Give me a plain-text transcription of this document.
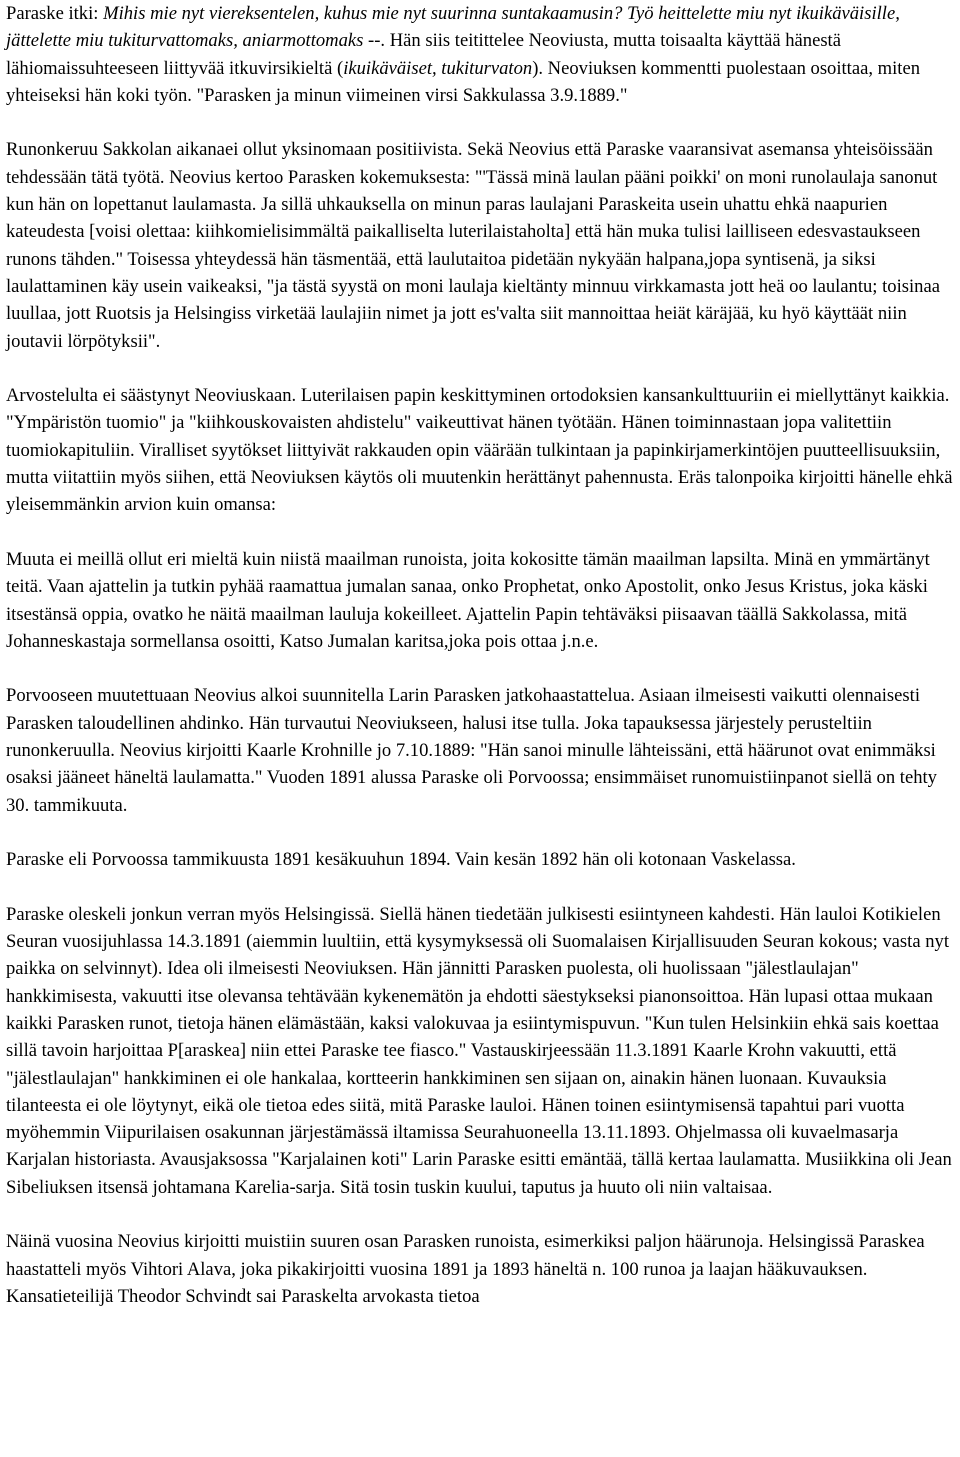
Paraske itki: Mihis mie nyt viereksentelen, kuhus mie nyt suurinna suntakaamusin? Työ heittelette miu nyt ikuikäväisille, jättelette miu tukiturvattomaks, aniarmottomaks --. Hän siis teitittelee Neoviusta, mutta toisaalta käyttää hänestä lähiomaissuhteeseen liittyvää itkuvirsikieltä (ikuikäväiset, tukiturvaton). Neoviuksen kommentti puolestaan osoittaa, miten yhteiseksi hän koki työn. "Parasken ja minun viimeinen virsi Sakkulassa 3.9.1889."

Runonkeruu Sakkolan aikanaei ollut yksinomaan positiivista. Sekä Neovius että Paraske vaaransivat asemansa yhteisöissään tehdessään tätä työtä. Neovius kertoo Parasken kokemuksesta: "'Tässä minä laulan pääni poikki' on moni runolaulaja sanonut kun hän on lopettanut laulamasta. Ja sillä uhkauksella on minun paras laulajani Paraskeita usein uhattu ehkä naapurien kateudesta [voisi olettaa: kiihkomielisimmältä paikalliselta luterilaistaholta] että hän muka tulisi lailliseen edesvastaukseen runons tähden." Toisessa yhteydessä hän täsmentää, että laulutaitoa pidetään nykyään halpana,jopa syntisenä, ja siksi laulattaminen käy usein vaikeaksi, "ja tästä syystä on moni laulaja kieltänty minnuu virkkamasta jott heä oo laulantu; toisinaa luullaa, jott Ruotsis ja Helsingiss virketää laulajiin nimet ja jott es'valta siit mannoittaa heiät käräjää, ku hyö käyttäät niin joutavii lörpötyksii".

Arvostelulta ei säästynyt Neoviuskaan. Luterilaisen papin keskittyminen ortodoksien kansankulttuuriin ei miellyttänyt kaikkia. "Ympäristön tuomio" ja "kiihkouskovaisten ahdistelu" vaikeuttivat hänen työtään. Hänen toiminnastaan jopa valitettiin tuomiokapituliin. Viralliset syytökset liittyivät rakkauden opin väärään tulkintaan ja papinkirjamerkintöjen puutteellisuuksiin, mutta viitattiin myös siihen, että Neoviuksen käytös oli muutenkin herättänyt pahennusta. Eräs talonpoika kirjoitti hänelle ehkä yleisemmänkin arvion kuin omansa:

Muuta ei meillä ollut eri mieltä kuin niistä maailman runoista, joita kokositte tämän maailman lapsilta. Minä en ymmärtänyt teitä. Vaan ajattelin ja tutkin pyhää raamattua jumalan sanaa, onko Prophetat, onko Apostolit, onko Jesus Kristus, joka käski itsestänsä oppia, ovatko he näitä maailman lauluja kokeilleet. Ajattelin Papin tehtäväksi piisaavan täällä Sakkolassa, mitä Johanneskastaja sormellansa osoitti, Katso Jumalan karitsa,joka pois ottaa j.n.e.

Porvooseen muutettuaan Neovius alkoi suunnitella Larin Parasken jatkohaastattelua. Asiaan ilmeisesti vaikutti olennaisesti Parasken taloudellinen ahdinko. Hän turvautui Neoviukseen, halusi itse tulla. Joka tapauksessa järjestely perusteltiin runonkeruulla. Neovius kirjoitti Kaarle Krohnille jo 7.10.1889: "Hän sanoi minulle lähteissäni, että häärunot ovat enimmäksi osaksi jääneet häneltä laulamatta." Vuoden 1891 alussa Paraske oli Porvoossa; ensimmäiset runomuistiinpanot siellä on tehty 30. tammikuuta.

Paraske eli Porvoossa tammikuusta 1891 kesäkuuhun 1894. Vain kesän 1892 hän oli kotonaan Vaskelassa.

Paraske oleskeli jonkun verran myös Helsingissä. Siellä hänen tiedetään julkisesti esiintyneen kahdesti. Hän lauloi Kotikielen Seuran vuosijuhlassa 14.3.1891 (aiemmin luultiin, että kysymyksessä oli Suomalaisen Kirjallisuuden Seuran kokous; vasta nyt paikka on selvinnyt). Idea oli ilmeisesti Neoviuksen. Hän jännitti Parasken puolesta, oli huolissaan "jälestlaulajan" hankkimisesta, vakuutti itse olevansa tehtävään kykenemätön ja ehdotti säestykseksi pianonsoittoa. Hän lupasi ottaa mukaan kaikki Parasken runot, tietoja hänen elämästään, kaksi valokuvaa ja esiintymispuvun. "Kun tulen Helsinkiin ehkä sais koettaa sillä tavoin harjoittaa P[araskea] niin ettei Paraske tee fiasco." Vastauskirjeessään 11.3.1891 Kaarle Krohn vakuutti, että "jälestlaulajan" hankkiminen ei ole hankalaa, kortteerin hankkiminen sen sijaan on, ainakin hänen luonaan. Kuvauksia tilanteesta ei ole löytynyt, eikä ole tietoa edes siitä, mitä Paraske lauloi. Hänen toinen esiintymisensä tapahtui pari vuotta myöhemmin Viipurilaisen osakunnan järjestämässä iltamissa Seurahuoneella 13.11.1893. Ohjelmassa oli kuvaelmasarja Karjalan historiasta. Avausjaksossa "Karjalainen koti" Larin Paraske esitti emäntää, tällä kertaa laulamatta. Musiikkina oli Jean Sibeliuksen itsensä johtamana Karelia-sarja. Sitä tosin tuskin kuului, taputus ja huuto oli niin valtaisaa.

Näinä vuosina Neovius kirjoitti muistiin suuren osan Parasken runoista, esimerkiksi paljon häärunoja. Helsingissä Paraskea haastatteli myös Vihtori Alava, joka pikakirjoitti vuosina 1891 ja 1893 häneltä n. 100 runoa ja laajan hääkuvauksen. Kansatieteilijä Theodor Schvindt sai Paraskelta arvokasta tietoa
